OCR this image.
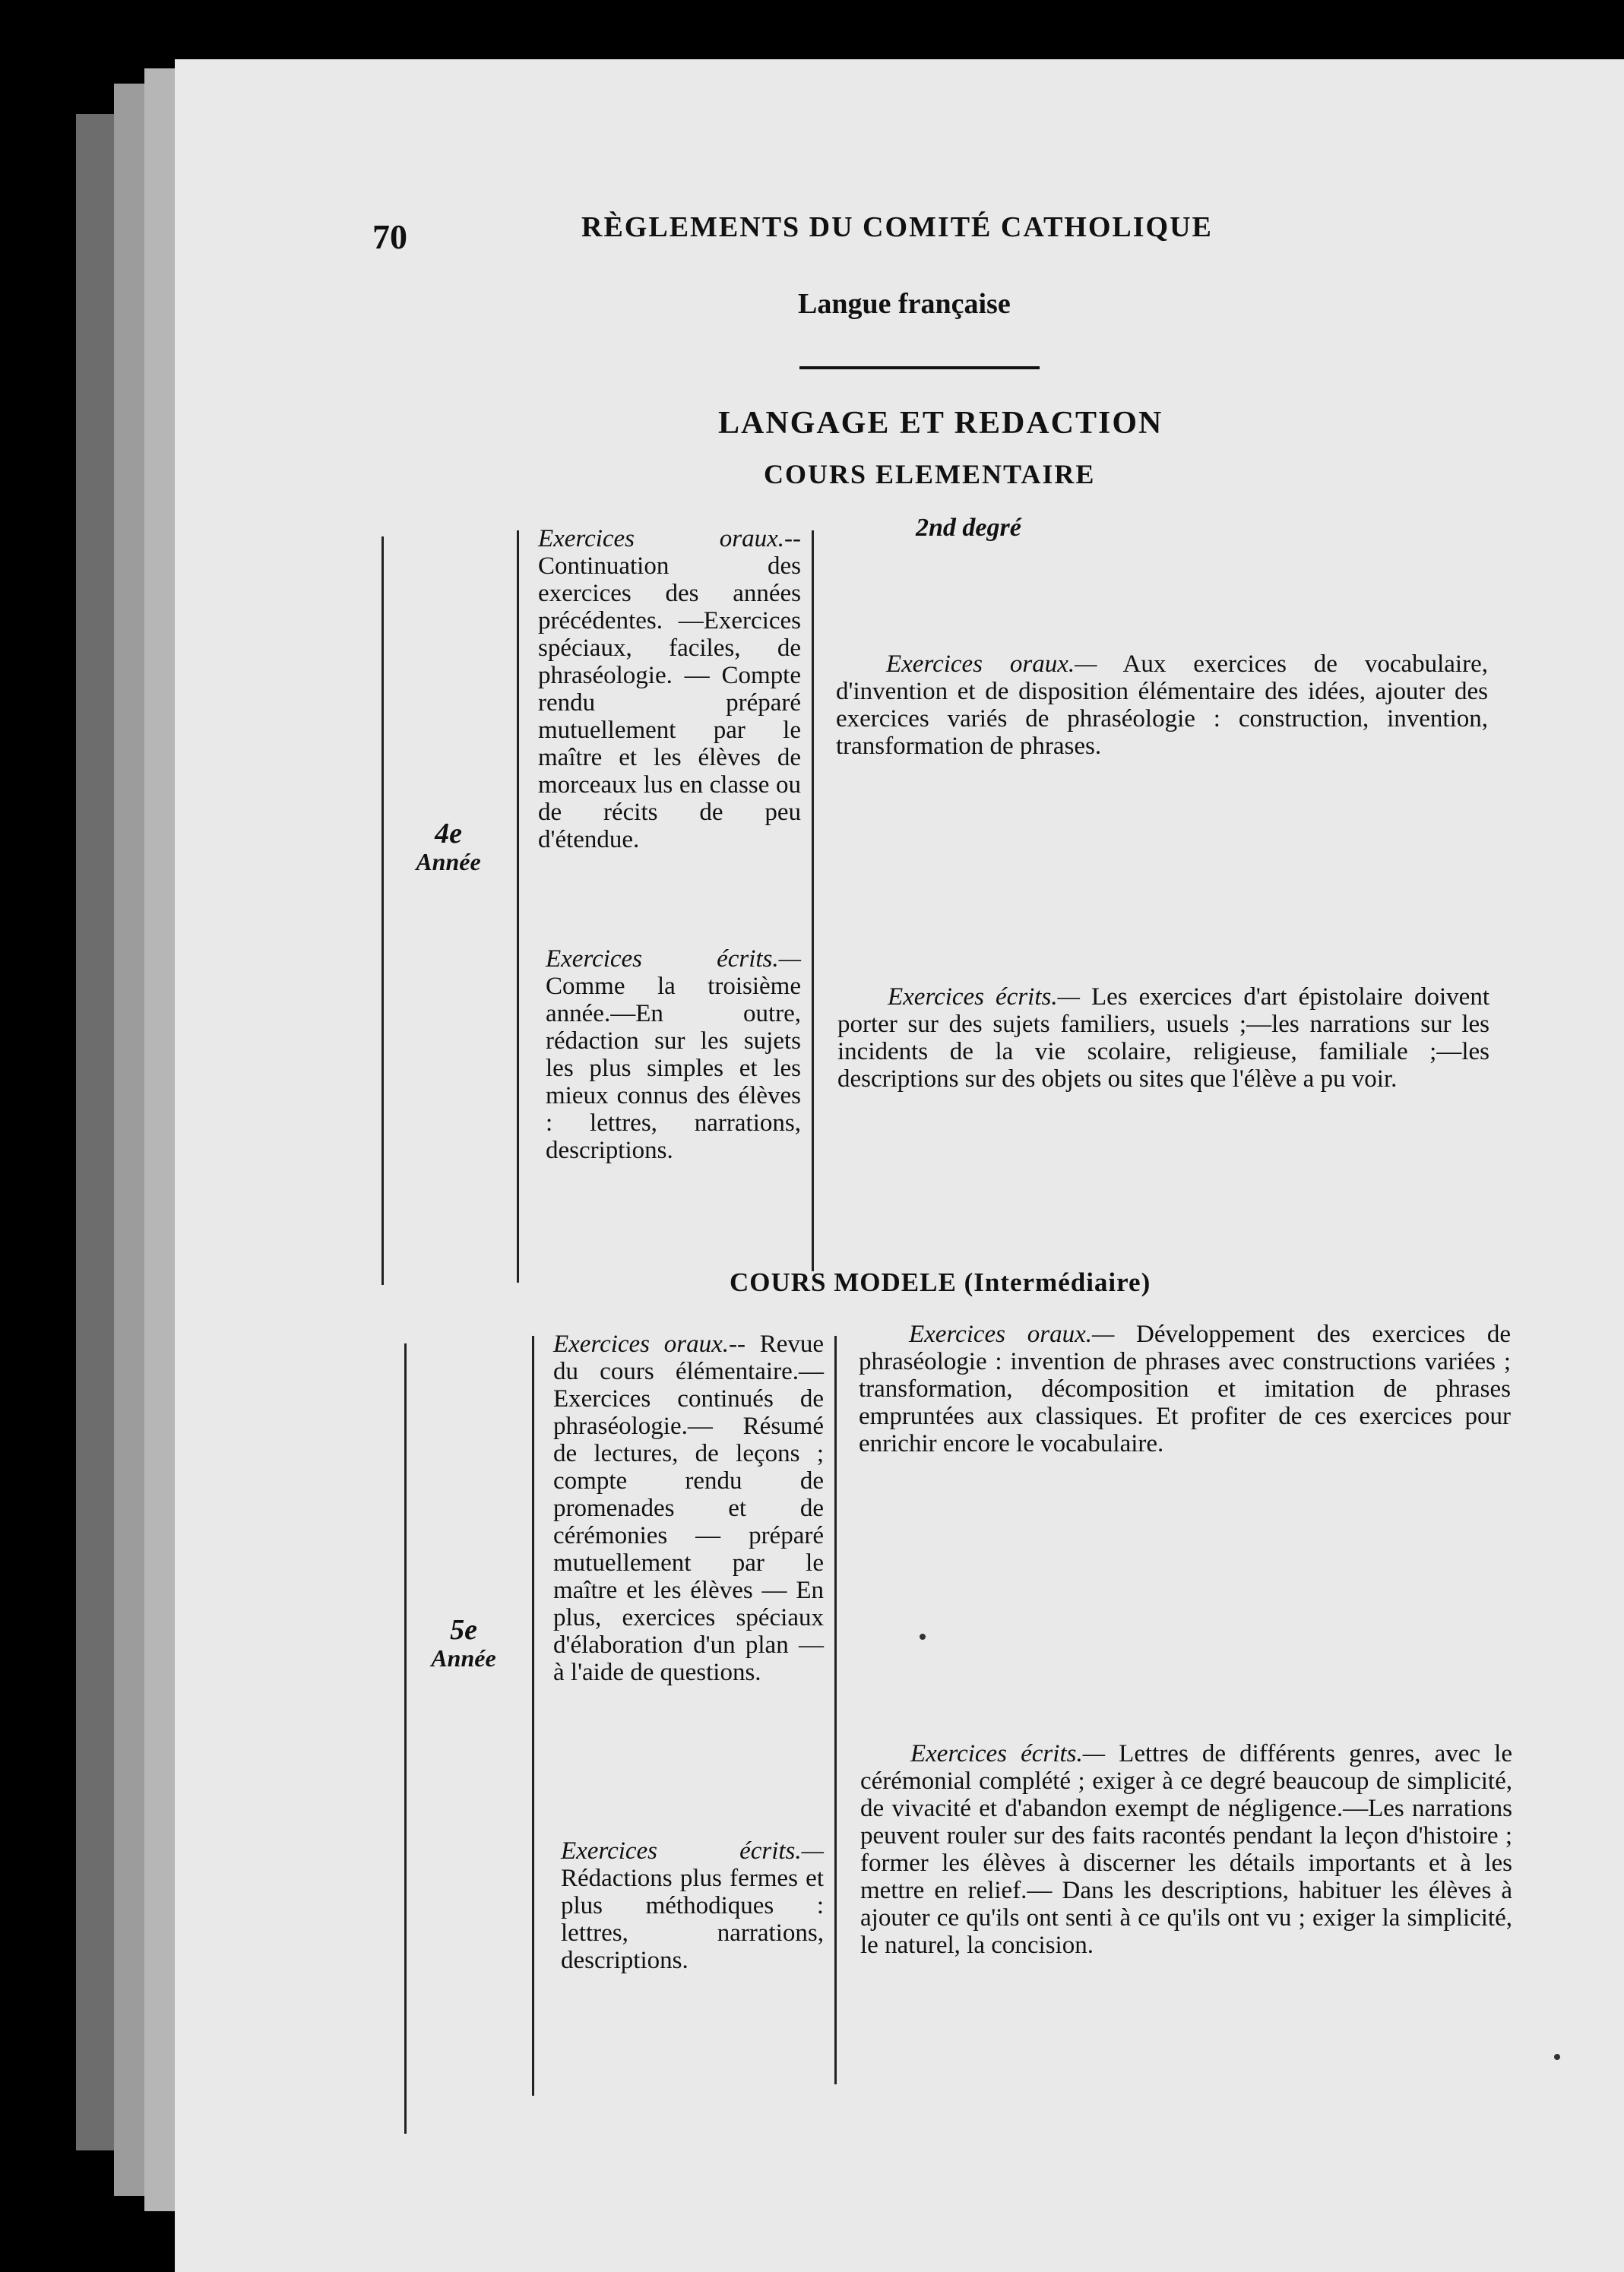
70	RÈGLEMENTS DU COMITÉ CATHOLIQUE
Langue française
LANGAGE ET REDACTION
COURS ELEMENTAIRE
2nd degré
4e
Année

Exercices oraux.-- Continuation des exercices des années précédentes. —Exercices spéciaux, faciles, de phraséologie. — Compte rendu préparé mutuellement par le maître et les élèves de morceaux lus en classe ou de récits de peu d'étendue.

Exercices écrits.— Comme la troisième année.—En outre, rédaction sur les sujets les plus simples et les mieux connus des élèves : lettres, narrations, descriptions.

Exercices oraux.— Aux exercices de vocabulaire, d'invention et de disposition élémentaire des idées, ajouter des exercices variés de phraséologie : construction, invention, transformation de phrases.

Exercices écrits.— Les exercices d'art épistolaire doivent porter sur des sujets familiers, usuels ;—les narrations sur les incidents de la vie scolaire, religieuse, familiale ;—les descriptions sur des objets ou sites que l'élève a pu voir.

COURS MODELE (Intermédiaire)
5e
Année

Exercices oraux.-- Revue du cours élémentaire.— Exercices continués de phraséologie.— Résumé de lectures, de leçons ; compte rendu de promenades et de cérémonies — préparé mutuellement par le maître et les élèves — En plus, exercices spéciaux d'élaboration d'un plan — à l'aide de questions.

Exercices écrits.— Rédactions plus fermes et plus méthodiques : lettres, narrations, descriptions.

Exercices oraux.— Développement des exercices de phraséologie : invention de phrases avec constructions variées ; transformation, décomposition et imitation de phrases empruntées aux classiques. Et profiter de ces exercices pour enrichir encore le vocabulaire.

Exercices écrits.— Lettres de différents genres, avec le cérémonial complété ; exiger à ce degré beaucoup de simplicité, de vivacité et d'abandon exempt de négligence.—Les narrations peuvent rouler sur des faits racontés pendant la leçon d'histoire ; former les élèves à discerner les détails importants et à les mettre en relief.— Dans les descriptions, habituer les élèves à ajouter ce qu'ils ont senti à ce qu'ils ont vu ; exiger la simplicité, le naturel, la concision.
